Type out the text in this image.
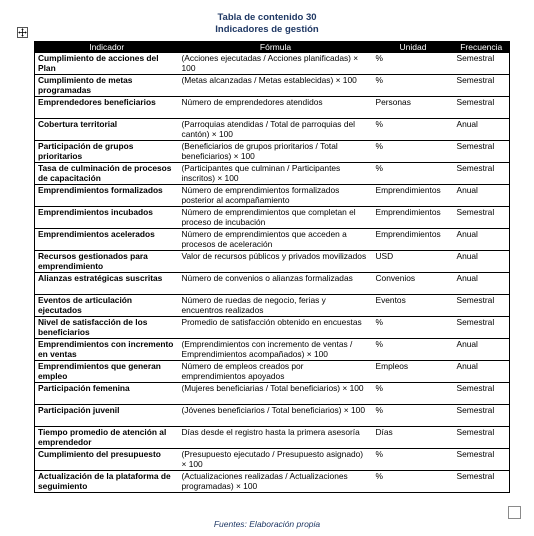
Tabla de contenido 30
Indicadores de gestión
Indicador	Fórmula	Unidad	Frecuencia
Cumplimiento de acciones del Plan	(Acciones ejecutadas / Acciones planificadas) × 100	%	Semestral
Cumplimiento de metas programadas	(Metas alcanzadas / Metas establecidas) × 100	%	Semestral
Emprendedores beneficiarios	Número de emprendedores atendidos	Personas	Semestral
Cobertura territorial	(Parroquias atendidas / Total de parroquias del cantón) × 100	%	Anual
Participación de grupos prioritarios	(Beneficiarios de grupos prioritarios / Total beneficiarios) × 100	%	Semestral
Tasa de culminación de procesos de capacitación	(Participantes que culminan / Participantes inscritos) × 100	%	Semestral
Emprendimientos formalizados	Número de emprendimientos formalizados posterior al acompañamiento	Emprendimientos	Anual
Emprendimientos incubados	Número de emprendimientos que completan el proceso de incubación	Emprendimientos	Semestral
Emprendimientos acelerados	Número de emprendimientos que acceden a procesos de aceleración	Emprendimientos	Anual
Recursos gestionados para emprendimiento	Valor de recursos públicos y privados movilizados	USD	Anual
Alianzas estratégicas suscritas	Número de convenios o alianzas formalizadas	Convenios	Anual
Eventos de articulación ejecutados	Número de ruedas de negocio, ferias y encuentros realizados	Eventos	Semestral
Nivel de satisfacción de los beneficiarios	Promedio de satisfacción obtenido en encuestas	%	Semestral
Emprendimientos con incremento en ventas	(Emprendimientos con incremento de ventas / Emprendimientos acompañados) × 100	%	Anual
Emprendimientos que generan empleo	Número de empleos creados por emprendimientos apoyados	Empleos	Anual
Participación femenina	(Mujeres beneficiarias / Total beneficiarios) × 100	%	Semestral
Participación juvenil	(Jóvenes beneficiarios / Total beneficiarios) × 100	%	Semestral
Tiempo promedio de atención al emprendedor	Días desde el registro hasta la primera asesoría	Días	Semestral
Cumplimiento del presupuesto	(Presupuesto ejecutado / Presupuesto asignado) × 100	%	Semestral
Actualización de la plataforma de seguimiento	(Actualizaciones realizadas / Actualizaciones programadas) × 100	%	Semestral
Fuentes: Elaboración propia
